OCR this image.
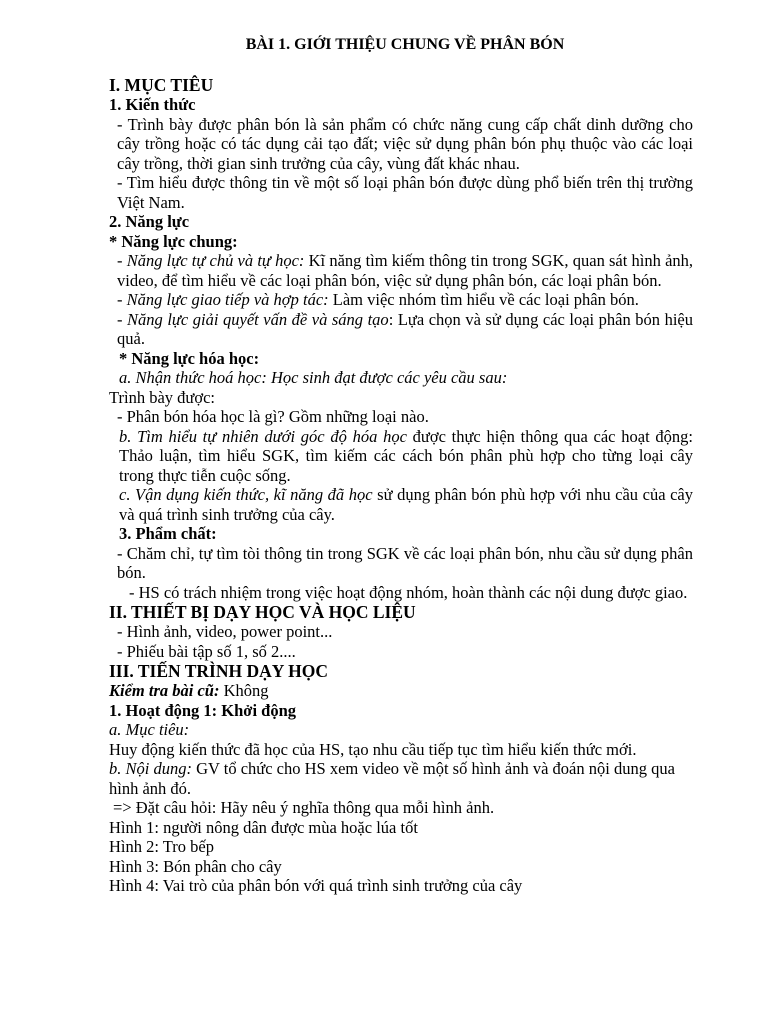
BÀI 1. GIỚI THIỆU CHUNG VỀ PHÂN BÓN
I. MỤC TIÊU
1. Kiến thức

- Trình bày được phân bón là sản phẩm có chức năng cung cấp chất dinh dưỡng cho cây trồng hoặc có tác dụng cải tạo đất; việc sử dụng phân bón phụ thuộc vào các loại cây trồng, thời gian sinh trưởng của cây, vùng đất khác nhau.

- Tìm hiểu được thông tin về một số loại phân bón được dùng phổ biến trên thị trường Việt Nam.

2. Năng lực
* Năng lực chung:

- Năng lực tự chủ và tự học: Kĩ năng tìm kiếm thông tin trong SGK, quan sát hình ảnh, video, để tìm hiểu về các loại phân bón, việc sử dụng phân bón, các loại phân bón.

- Năng lực giao tiếp và hợp tác: Làm việc nhóm tìm hiểu về các loại phân bón.

- Năng lực giải quyết vấn đề và sáng tạo: Lựa chọn và sử dụng các loại phân bón hiệu quả.

* Năng lực hóa học:
a. Nhận thức hoá học: Học sinh đạt được các yêu cầu sau:
Trình bày được:
- Phân bón hóa học là gì? Gồm những loại nào.

b. Tìm hiểu tự nhiên dưới góc độ hóa học được thực hiện thông qua các hoạt động: Thảo luận, tìm hiểu SGK, tìm kiếm các cách bón phân phù hợp cho từng loại cây trong thực tiễn cuộc sống.

c. Vận dụng kiến thức, kĩ năng đã học sử dụng phân bón phù hợp với nhu cầu của cây và quá trình sinh trưởng của cây.

3. Phẩm chất:

- Chăm chỉ, tự tìm tòi thông tin trong SGK về các loại phân bón, nhu cầu sử dụng phân bón.

- HS có trách nhiệm trong việc hoạt động nhóm, hoàn thành các nội dung được giao.

II. THIẾT BỊ DẠY HỌC VÀ HỌC LIỆU
- Hình ảnh, video, power point...
- Phiếu bài tập số 1, số 2....
III. TIẾN TRÌNH DẠY HỌC
Kiểm tra bài cũ: Không
1. Hoạt động 1: Khởi động
a. Mục tiêu:
Huy động kiến thức đã học của HS, tạo nhu cầu tiếp tục tìm hiểu kiến thức mới.

b. Nội dung: GV tổ chức cho HS xem video về một số hình ảnh và đoán nội dung qua hình ảnh đó.

=> Đặt câu hỏi: Hãy nêu ý nghĩa thông qua mỗi hình ảnh.
Hình 1: người nông dân được mùa hoặc lúa tốt
Hình 2: Tro bếp
Hình 3: Bón phân cho cây
Hình 4: Vai trò của phân bón với quá trình sinh trưởng của cây
